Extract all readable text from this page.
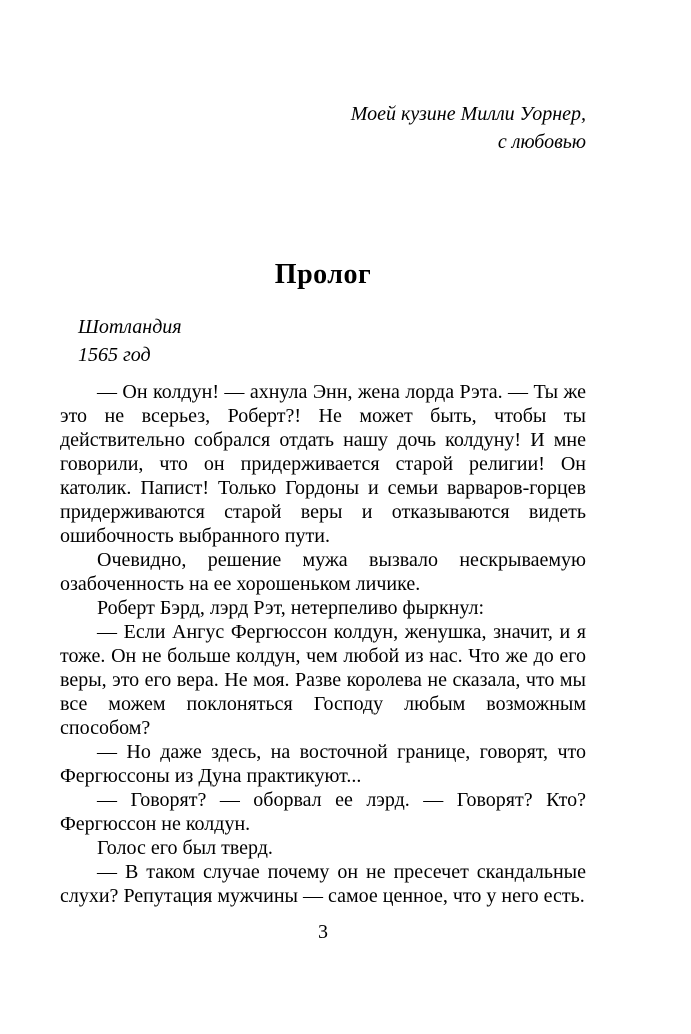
Моей кузине Милли Уорнер,
с любовью
Пролог
Шотландия
1565 год

— Он колдун! — ахнула Энн, жена лорда Рэта. — Ты же это не всерьез, Роберт?! Не может быть, чтобы ты действительно собрался отдать нашу дочь колдуну! И мне говорили, что он придерживается старой религии! Он католик. Папист! Только Гордоны и семьи варваров-горцев придерживаются старой веры и отказываются видеть ошибочность выбранного пути.

Очевидно, решение мужа вызвало нескрываемую озабоченность на ее хорошеньком личике.

Роберт Бэрд, лэрд Рэт, нетерпеливо фыркнул:

— Если Ангус Фергюссон колдун, женушка, значит, и я тоже. Он не больше колдун, чем любой из нас. Что же до его веры, это его вера. Не моя. Разве королева не сказала, что мы все можем поклоняться Господу любым возможным способом?

— Но даже здесь, на восточной границе, говорят, что Фергюссоны из Дуна практикуют...

— Говорят? — оборвал ее лэрд. — Говорят? Кто? Фергюссон не колдун.

Голос его был тверд.

— В таком случае почему он не пресечет скандальные слухи? Репутация мужчины — самое ценное, что у него есть.

3
